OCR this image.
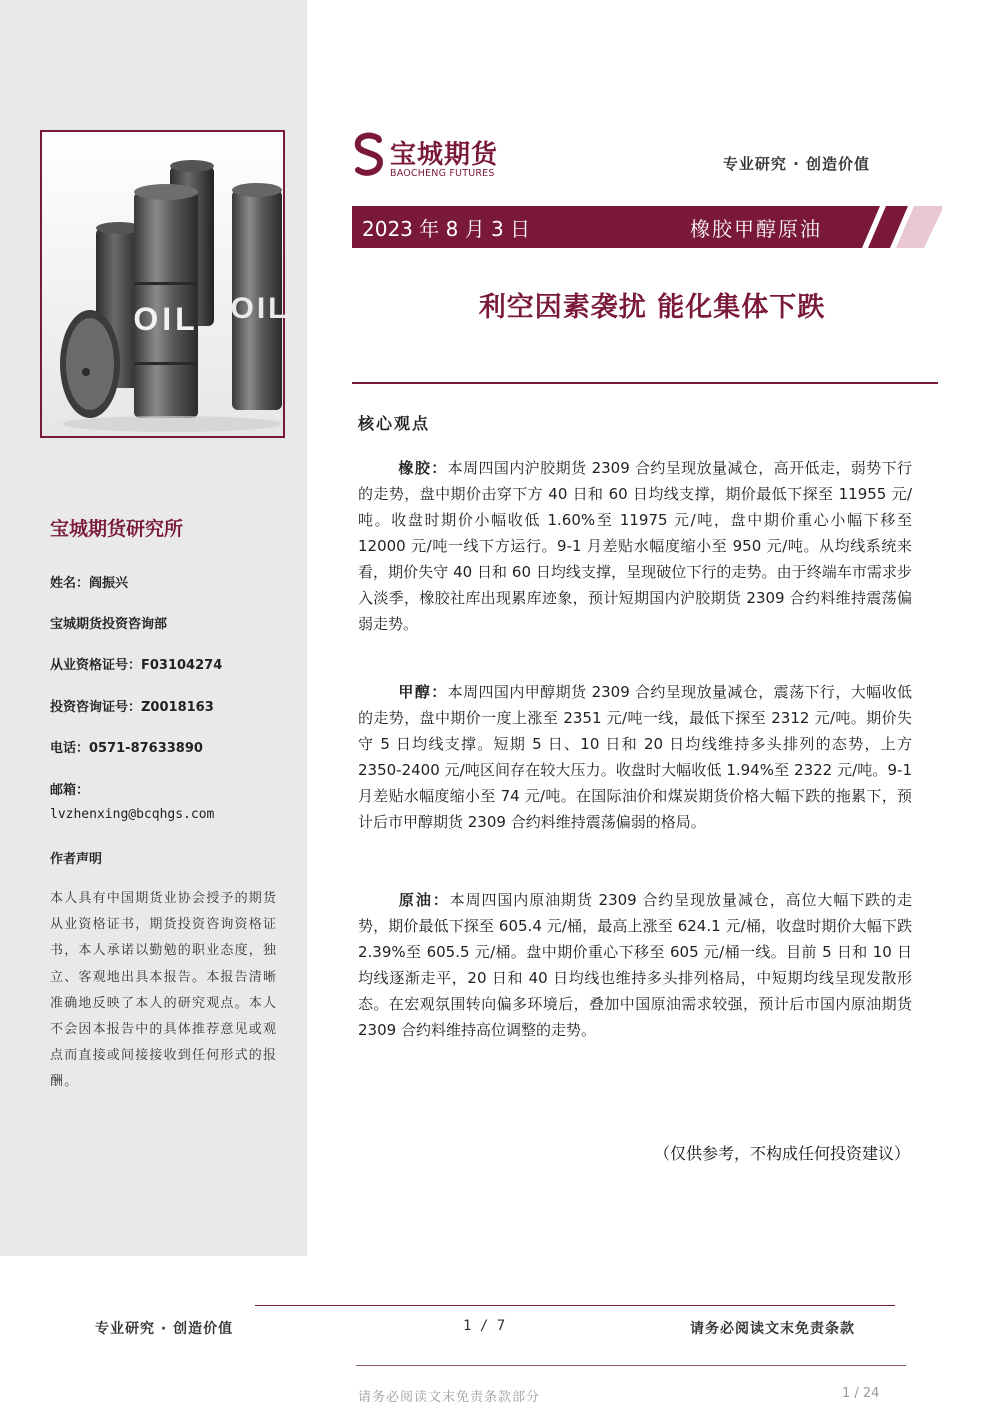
OIL OIL
宝城期货研究所
姓名：阎振兴
宝城期货投资咨询部
从业资格证号：F03104274
投资咨询证号：Z0018163
电话：0571-87633890
邮箱：
lvzhenxing@bcqhgs.com
作者声明
本人具有中国期货业协会授予的期货从业资格证书，期货投资咨询资格证书，本人承诺以勤勉的职业态度，独立、客观地出具本报告。本报告清晰准确地反映了本人的研究观点。本人不会因本报告中的具体推荐意见或观点而直接或间接接收到任何形式的报酬。
宝城期货
BAOCHENG FUTURES
专业研究 · 创造价值
2023 年 8 月 3 日	橡胶甲醇原油
利空因素袭扰 能化集体下跌
核心观点
橡胶：本周四国内沪胶期货 2309 合约呈现放量减仓，高开低走，弱势下行的走势，盘中期价击穿下方 40 日和 60 日均线支撑，期价最低下探至 11955 元/吨。收盘时期价小幅收低 1.60%至 11975 元/吨，盘中期价重心小幅下移至 12000 元/吨一线下方运行。9-1 月差贴水幅度缩小至 950 元/吨。从均线系统来看，期价失守 40 日和 60 日均线支撑，呈现破位下行的走势。由于终端车市需求步入淡季，橡胶社库出现累库迹象，预计短期国内沪胶期货 2309 合约料维持震荡偏弱走势。
甲醇：本周四国内甲醇期货 2309 合约呈现放量减仓，震荡下行，大幅收低的走势，盘中期价一度上涨至 2351 元/吨一线，最低下探至 2312 元/吨。期价失守 5 日均线支撑。短期 5 日、10 日和 20 日均线维持多头排列的态势，上方 2350-2400 元/吨区间存在较大压力。收盘时大幅收低 1.94%至 2322 元/吨。9-1 月差贴水幅度缩小至 74 元/吨。在国际油价和煤炭期货价格大幅下跌的拖累下，预计后市甲醇期货 2309 合约料维持震荡偏弱的格局。
原油：本周四国内原油期货 2309 合约呈现放量减仓，高位大幅下跌的走势，期价最低下探至 605.4 元/桶，最高上涨至 624.1 元/桶，收盘时期价大幅下跌 2.39%至 605.5 元/桶。盘中期价重心下移至 605 元/桶一线。目前 5 日和 10 日均线逐渐走平，20 日和 40 日均线也维持多头排列格局，中短期均线呈现发散形态。在宏观氛围转向偏多环境后，叠加中国原油需求较强，预计后市国内原油期货 2309 合约料维持高位调整的走势。
（仅供参考，不构成任何投资建议）
专业研究 · 创造价值	1 / 7	请务必阅读文末免责条款
请务必阅读文末免责条款部分	1 / 24
